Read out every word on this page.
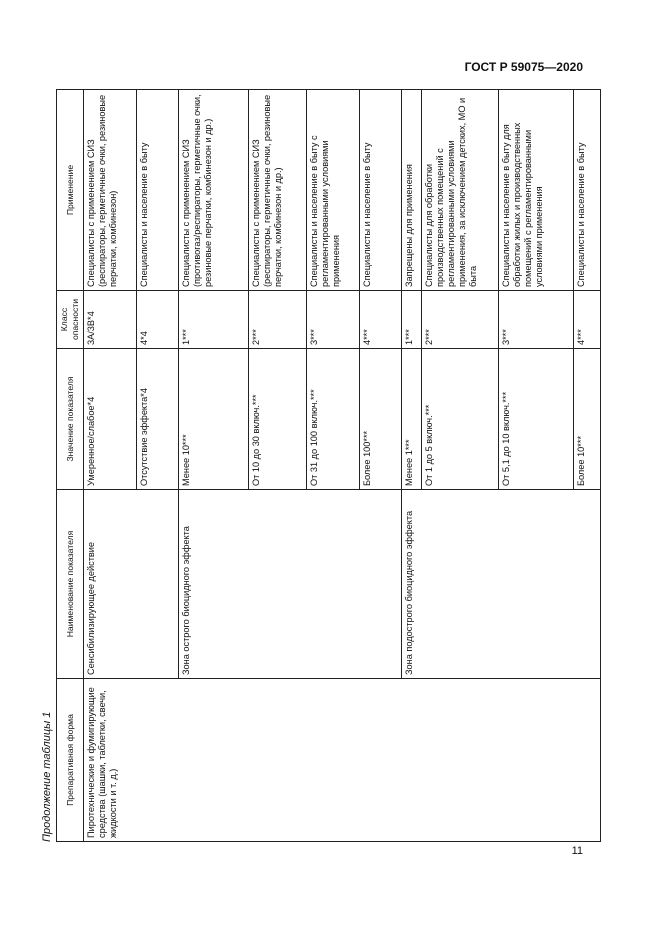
ГОСТ Р 59075—2020
Продолжение таблицы 1	Препаративная форма	Наименование показателя	Значение показателя	Класс опасности	Применение
Пиротехнические и фумигирующие средства (шашки, таблетки, свечи, жидкости и т. д.)	Сенсибилизирующее действие	Умеренное/слабое*4	3А/3В*4	Специалисты с применением СИЗ (респираторы, герметичные очки, резиновые перчатки, комбинезон)
		Отсутствие эффекта*4	4*4	Специалисты и население в быту
	Зона острого биоцидного эффекта	Менее 10***	1***	Специалисты с применением СИЗ (противогаз/респираторы, герметичные очки, резиновые перчатки, комбинезон и др.)
		От 10 до 30 включ.***	2***	Специалисты с применением СИЗ (респираторы, герметичные очки, резиновые перчатки, комбинезон и др.)
		От 31 до 100 включ.***	3***	Специалисты и население в быту с регламентированными условиями применения
		Более 100***	4***	Специалисты и население в быту
	Зона подострого биоцидного эффекта	Менее 1***	1***	Запрещены для применения
		От 1 до 5 включ.***	2***	Специалисты для обработки производственных помещений с регламентированными условиями применения, за исключением детских, МО и быта
		От 5,1 до 10 включ.***	3***	Специалисты и население в быту для обработки жилых и производственных помещений с регламентированными условиями применения
		Более 10***	4***	Специалисты и население в быту
11
